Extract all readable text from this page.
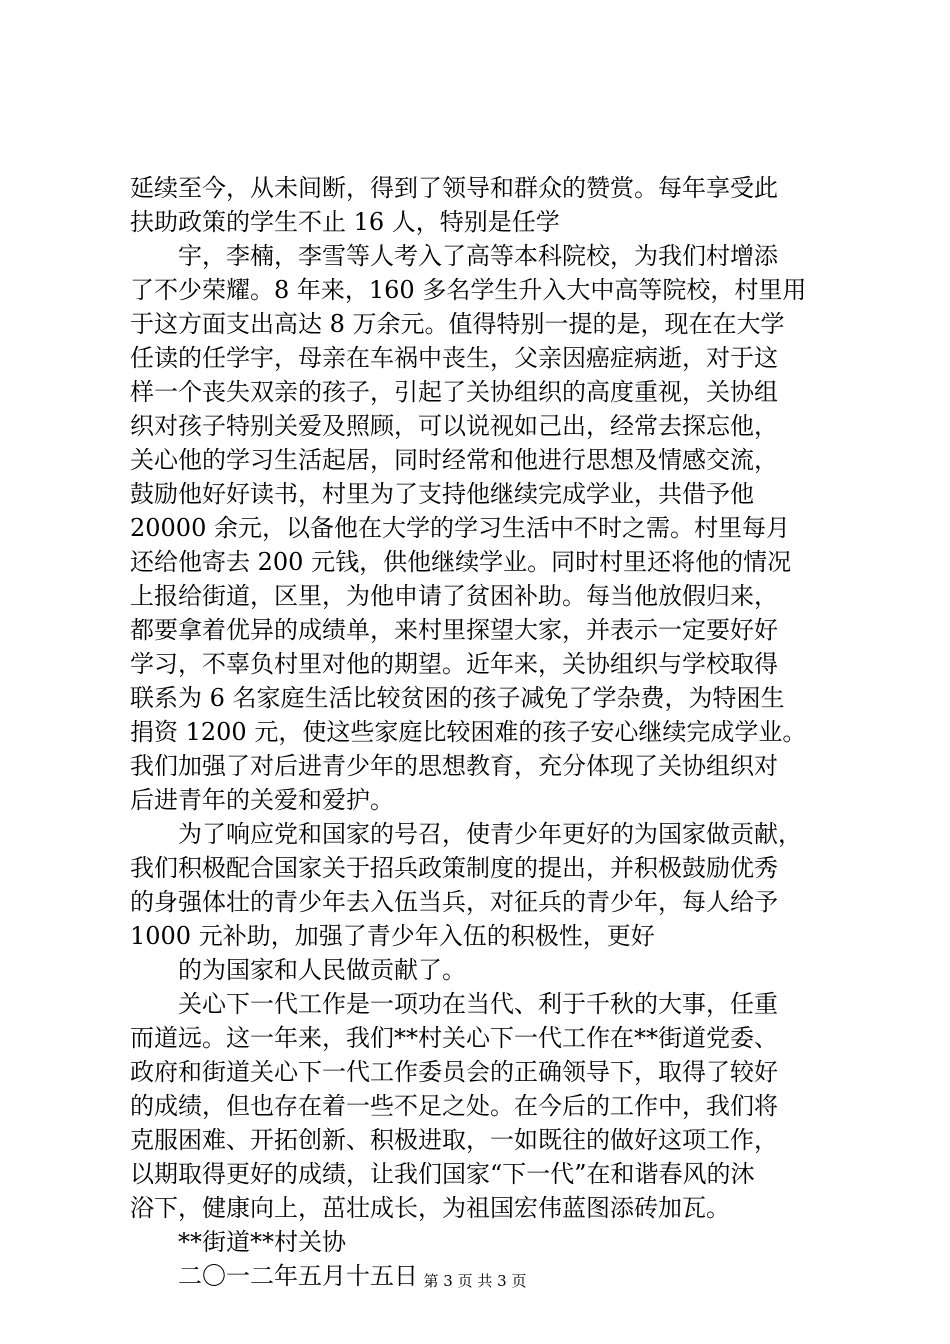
延续至今，从未间断，得到了领导和群众的赞赏。每年享受此
扶助政策的学生不止 16 人，特别是任学
宇，李楠，李雪等人考入了高等本科院校，为我们村增添
了不少荣耀。8 年来，160 多名学生升入大中高等院校，村里用
于这方面支出高达 8 万余元。值得特别一提的是，现在在大学
任读的任学宇，母亲在车祸中丧生，父亲因癌症病逝，对于这
样一个丧失双亲的孩子，引起了关协组织的高度重视，关协组
织对孩子特别关爱及照顾，可以说视如己出，经常去探忘他，
关心他的学习生活起居，同时经常和他进行思想及情感交流，
鼓励他好好读书，村里为了支持他继续完成学业，共借予他
20000 余元，以备他在大学的学习生活中不时之需。村里每月
还给他寄去 200 元钱，供他继续学业。同时村里还将他的情况
上报给街道，区里，为他申请了贫困补助。每当他放假归来，
都要拿着优异的成绩单，来村里探望大家，并表示一定要好好
学习，不辜负村里对他的期望。近年来，关协组织与学校取得
联系为 6 名家庭生活比较贫困的孩子减免了学杂费，为特困生
捐资 1200 元，使这些家庭比较困难的孩子安心继续完成学业。
我们加强了对后进青少年的思想教育，充分体现了关协组织对
后进青年的关爱和爱护。
为了响应党和国家的号召，使青少年更好的为国家做贡献，
我们积极配合国家关于招兵政策制度的提出，并积极鼓励优秀
的身强体壮的青少年去入伍当兵，对征兵的青少年，每人给予
1000 元补助，加强了青少年入伍的积极性，更好
的为国家和人民做贡献了。
关心下一代工作是一项功在当代、利于千秋的大事，任重
而道远。这一年来，我们**村关心下一代工作在**街道党委、
政府和街道关心下一代工作委员会的正确领导下，取得了较好
的成绩，但也存在着一些不足之处。在今后的工作中，我们将
克服困难、开拓创新、积极进取，一如既往的做好这项工作，
以期取得更好的成绩，让我们国家“下一代”在和谐春风的沐
浴下，健康向上，茁壮成长，为祖国宏伟蓝图添砖加瓦。
**街道**村关协
二〇一二年五月十五日 第 3 页 共 3 页
